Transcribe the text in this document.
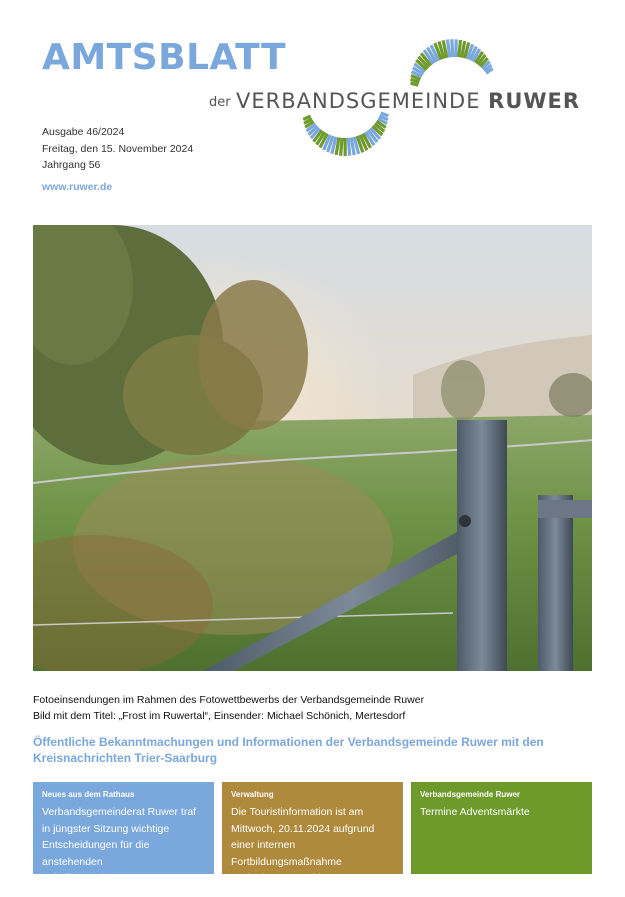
AMTSBLATT
der VERBANDSGEMEINDE RUWER
Ausgabe 46/2024
Freitag, den 15. November 2024
Jahrgang 56
www.ruwer.de
Fotoeinsendungen im Rahmen des Fotowettbewerbs der Verbandsgemeinde Ruwer
Bild mit dem Titel: „Frost im Ruwertal“, Einsender: Michael Schönich, Mertesdorf
Öffentliche Bekanntmachungen und Informationen der Verbandsgemeinde Ruwer mit den Kreisnachrichten Trier-Saarburg
Neues aus dem Rathaus
Verbandsgemeinderat Ruwer traf in jüngster Sitzung wichtige Entscheidungen für die anstehenden Schulbausanierungen
Verwaltung
Die Touristinformation ist am Mittwoch, 20.11.2024 aufgrund einer internen Fortbildungsmaßnahme nachmittags geschlossen
Verbandsgemeinde Ruwer
Termine Adventsmärkte
